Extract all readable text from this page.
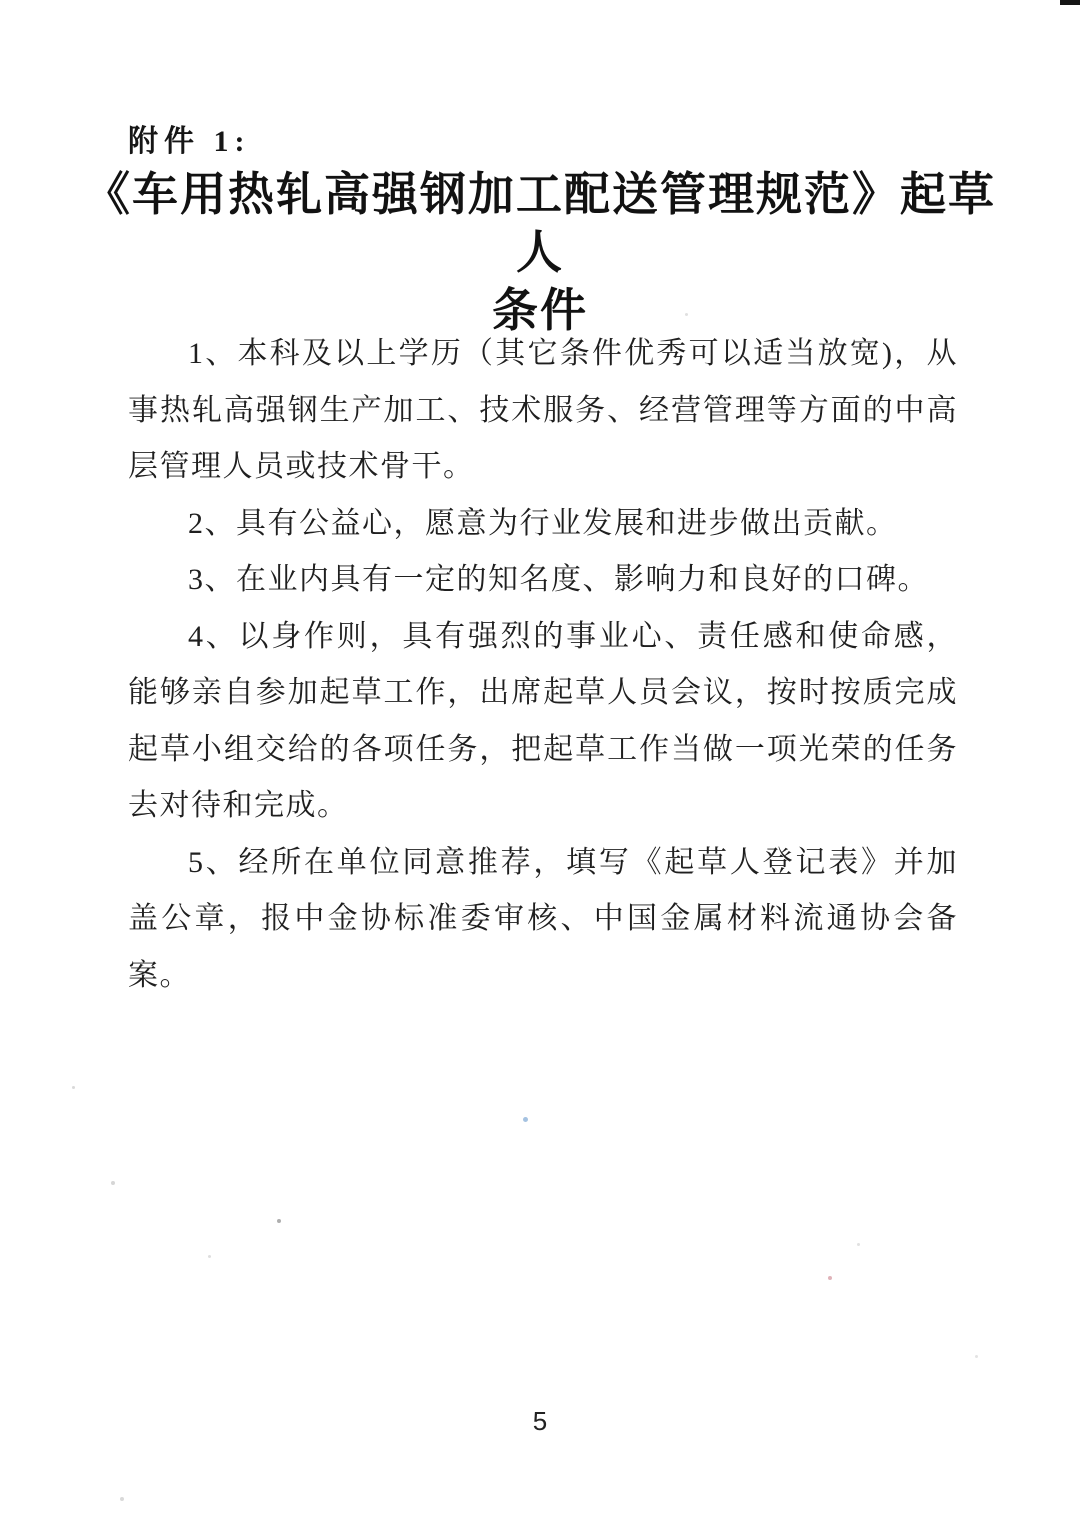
附件 1:
《车用热轧高强钢加工配送管理规范》起草人
条件

1、本科及以上学历（其它条件优秀可以适当放宽)，从事热轧高强钢生产加工、技术服务、经营管理等方面的中高层管理人员或技术骨干。

2、具有公益心，愿意为行业发展和进步做出贡献。

3、在业内具有一定的知名度、影响力和良好的口碑。

4、以身作则，具有强烈的事业心、责任感和使命感，能够亲自参加起草工作，出席起草人员会议，按时按质完成起草小组交给的各项任务，把起草工作当做一项光荣的任务去对待和完成。

5、经所在单位同意推荐，填写《起草人登记表》并加盖公章，报中金协标准委审核、中国金属材料流通协会备案。

5
